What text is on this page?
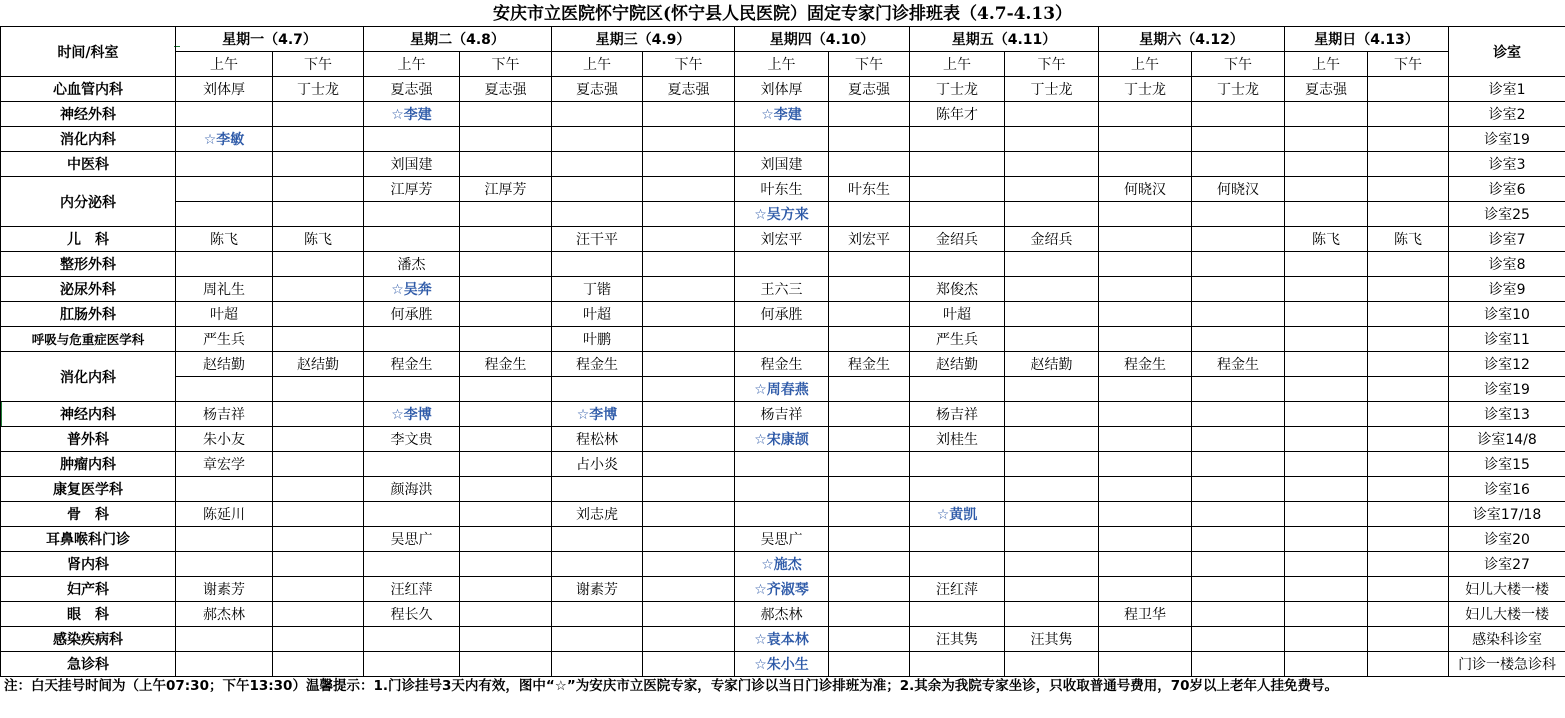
安庆市立医院怀宁院区(怀宁县人民医院）固定专家门诊排班表（4.7-4.13）
时间/科室	星期一（4.7）		星期二（4.8）		星期三（4.9）		星期四（4.10）		星期五（4.11）		星期六（4.12）		星期日（4.13）		诊室
	上午	下午	上午	下午	上午	下午	上午	下午	上午	下午	上午	下午	上午	下午	
心血管内科	刘体厚	丁士龙	夏志强	夏志强	夏志强	夏志强	刘体厚	夏志强	丁士龙	丁士龙	丁士龙	丁士龙	夏志强		诊室1
神经外科			☆李建				☆李建		陈年才						诊室2
消化内科	☆李敏														诊室19
中医科			刘国建				刘国建								诊室3
内分泌科			江厚芳	江厚芳			叶东生	叶东生			何晓汉	何晓汉			诊室6
							☆吴方来								诊室25
儿　科	陈飞	陈飞			汪干平		刘宏平	刘宏平	金绍兵	金绍兵			陈飞	陈飞	诊室7
整形外科			潘杰												诊室8
泌尿外科	周礼生		☆吴奔		丁锴		王六三		郑俊杰						诊室9
肛肠外科	叶超		何承胜		叶超		何承胜		叶超						诊室10
呼吸与危重症医学科	严生兵				叶鹏				严生兵						诊室11
消化内科	赵结勤	赵结勤	程金生	程金生	程金生		程金生	程金生	赵结勤	赵结勤	程金生	程金生			诊室12
							☆周春燕								诊室19
神经内科	杨吉祥		☆李博		☆李博		杨吉祥		杨吉祥						诊室13
普外科	朱小友		李文贵		程松林		☆宋康颉		刘桂生						诊室14/8
肿瘤内科	章宏学				占小炎										诊室15
康复医学科			颜海洪												诊室16
骨　科	陈延川				刘志虎				☆黄凯						诊室17/18
耳鼻喉科门诊			吴思广				吴思广								诊室20
肾内科							☆施杰								诊室27
妇产科	谢素芳		汪红萍		谢素芳		☆齐淑琴		汪红萍						妇儿大楼一楼
眼　科	郝杰林		程长久				郝杰林				程卫华				妇儿大楼一楼
感染疾病科							☆袁本林		汪其隽	汪其隽					感染科诊室
急诊科							☆朱小生								门诊一楼急诊科
注：白天挂号时间为（上午07:30；下午13:30）温馨提示：1.门诊挂号3天内有效，图中“☆”为安庆市立医院专家，专家门诊以当日门诊排班为准；2.其余为我院专家坐诊，只收取普通号费用，70岁以上老年人挂免费号。
